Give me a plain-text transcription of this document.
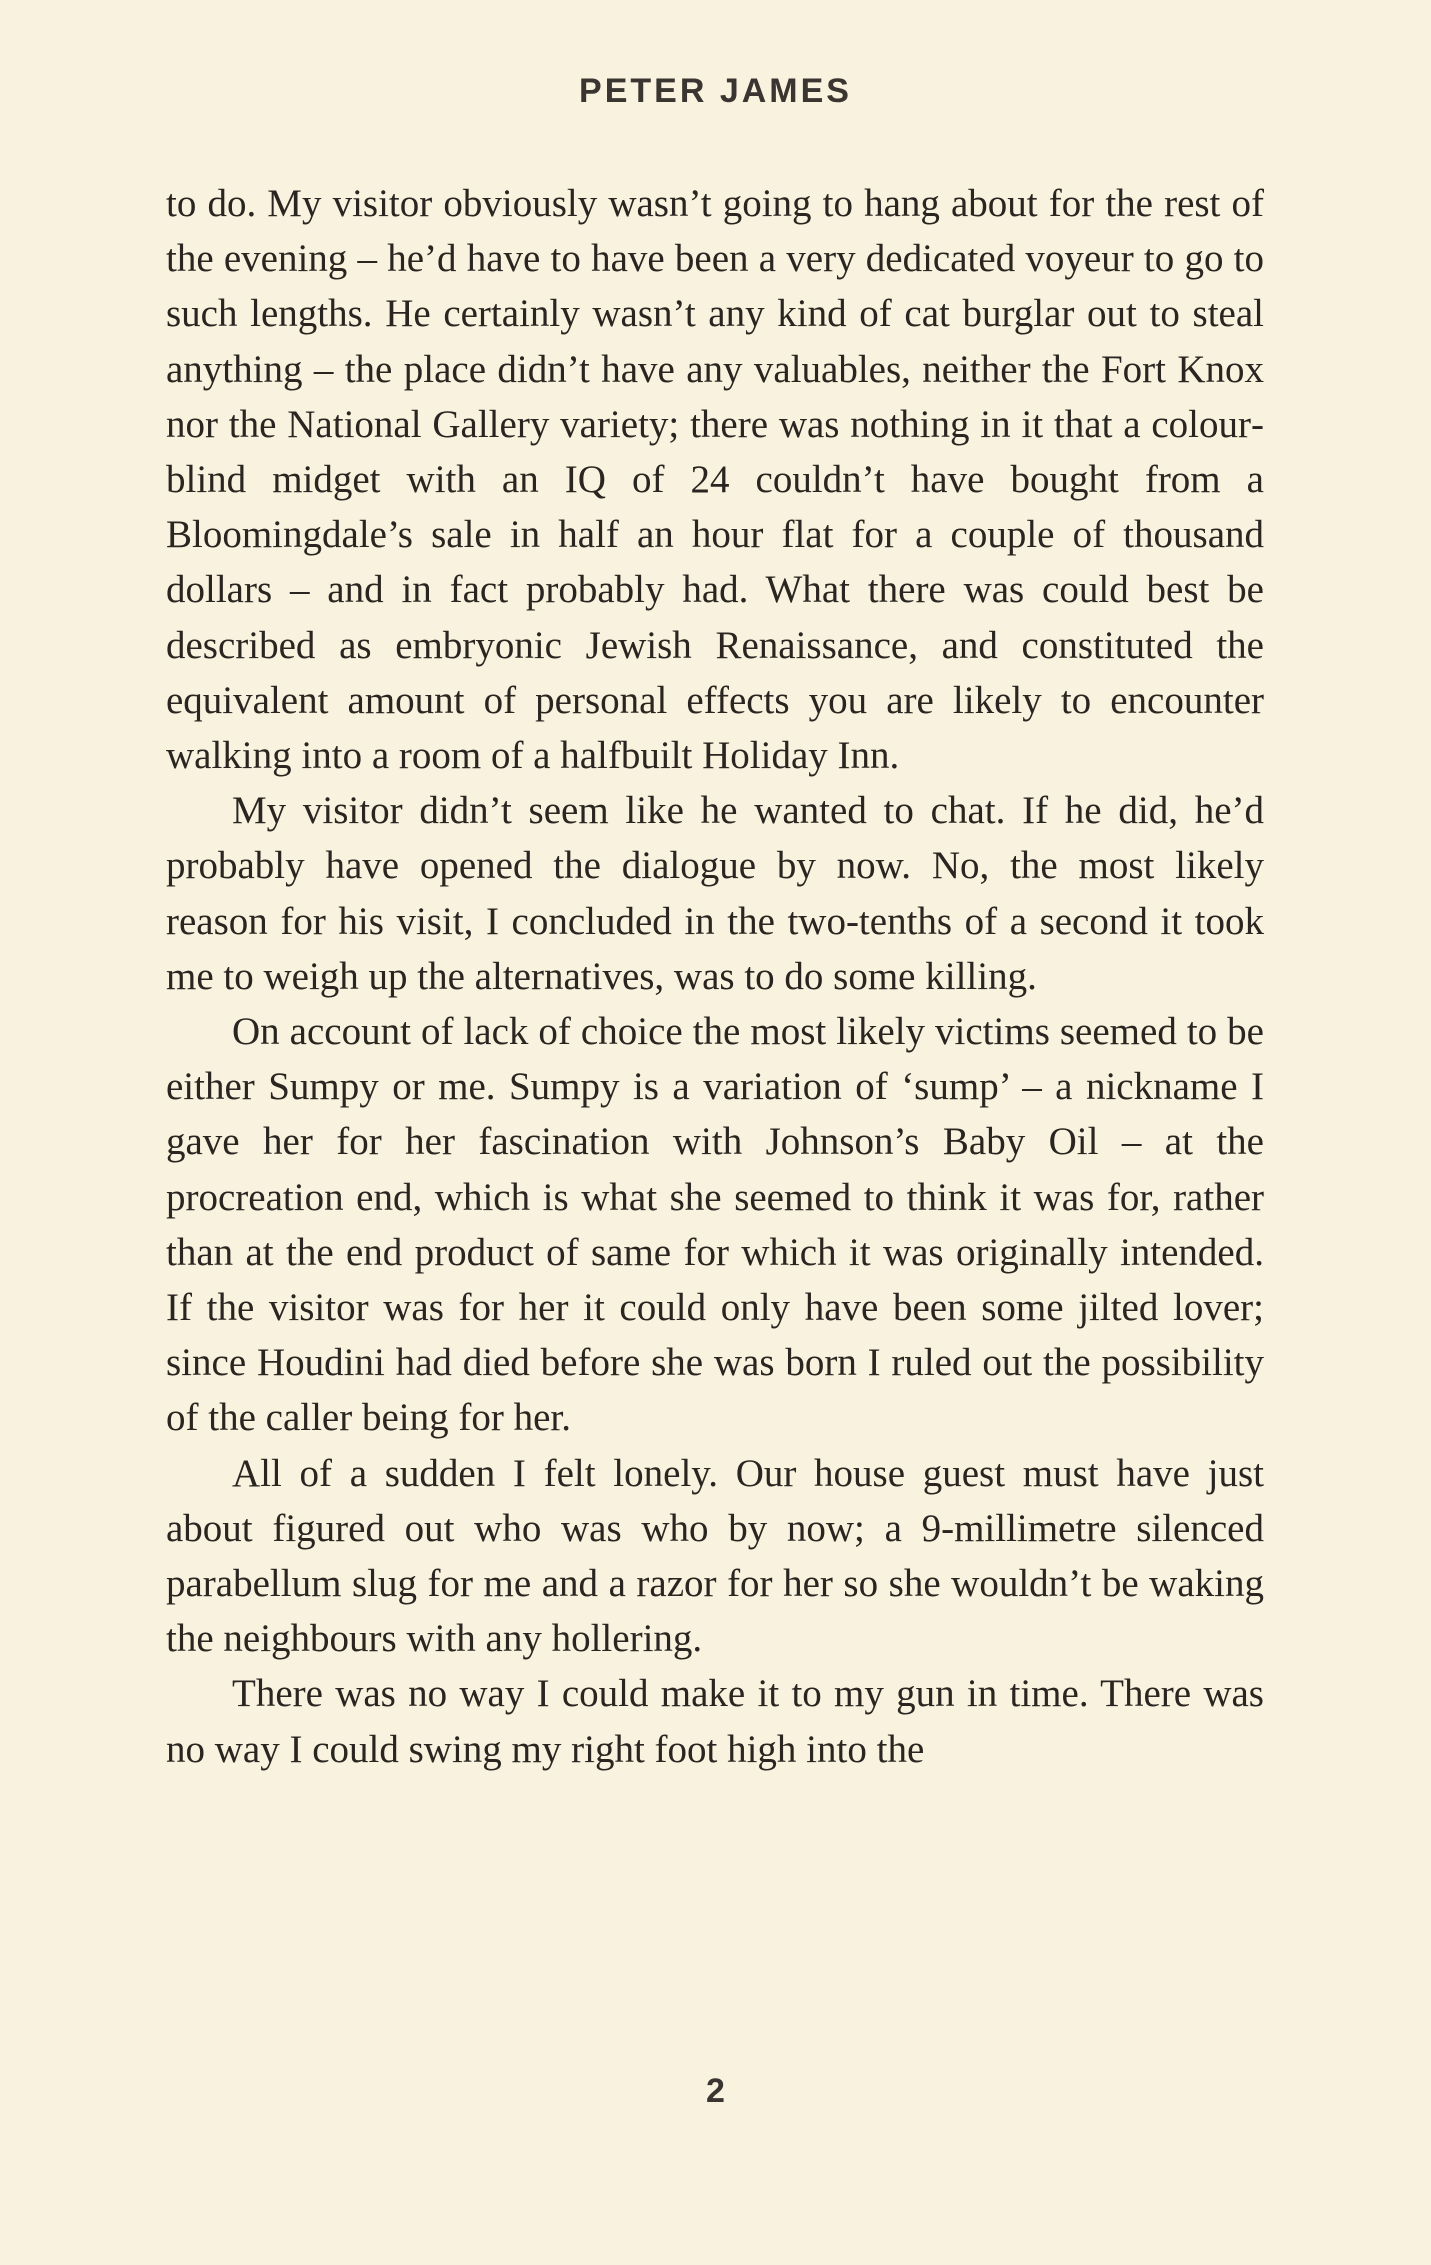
PETER JAMES

to do. My visitor obviously wasn’t going to hang about for the rest of the evening – he’d have to have been a very dedicated voyeur to go to such lengths. He certainly wasn’t any kind of cat burglar out to steal anything – the place didn’t have any valuables, neither the Fort Knox nor the National Gallery variety; there was nothing in it that a colourblind midget with an IQ of 24 couldn’t have bought from a Bloomingdale’s sale in half an hour flat for a couple of thousand dollars – and in fact probably had. What there was could best be described as embryonic Jewish Renaissance, and constituted the equivalent amount of personal effects you are likely to encounter walking into a room of a halfbuilt Holiday Inn.

My visitor didn’t seem like he wanted to chat. If he did, he’d probably have opened the dialogue by now. No, the most likely reason for his visit, I concluded in the two-tenths of a second it took me to weigh up the alternatives, was to do some killing.

On account of lack of choice the most likely victims seemed to be either Sumpy or me. Sumpy is a variation of ‘sump’ – a nickname I gave her for her fascination with Johnson’s Baby Oil – at the procreation end, which is what she seemed to think it was for, rather than at the end product of same for which it was originally intended. If the visitor was for her it could only have been some jilted lover; since Houdini had died before she was born I ruled out the possibility of the caller being for her.

All of a sudden I felt lonely. Our house guest must have just about figured out who was who by now; a 9-millimetre silenced parabellum slug for me and a razor for her so she wouldn’t be waking the neighbours with any hollering.

There was no way I could make it to my gun in time. There was no way I could swing my right foot high into the

2
